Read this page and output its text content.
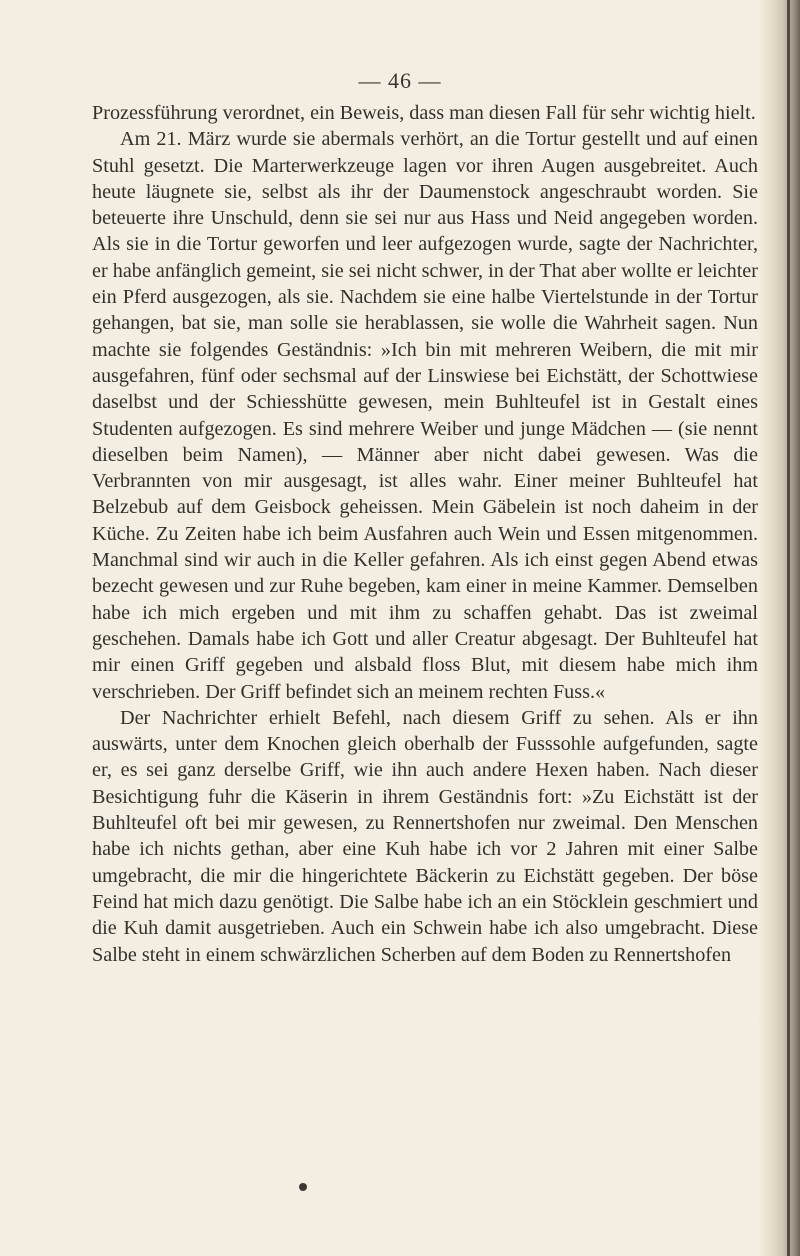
— 46 —

Prozessführung verordnet, ein Beweis, dass man diesen Fall für sehr wichtig hielt.

Am 21. März wurde sie abermals verhört, an die Tortur gestellt und auf einen Stuhl gesetzt. Die Marterwerkzeuge lagen vor ihren Augen ausgebreitet. Auch heute läugnete sie, selbst als ihr der Daumenstock angeschraubt worden. Sie beteuerte ihre Unschuld, denn sie sei nur aus Hass und Neid angegeben worden. Als sie in die Tortur geworfen und leer aufgezogen wurde, sagte der Nachrichter, er habe anfänglich gemeint, sie sei nicht schwer, in der That aber wollte er leichter ein Pferd ausgezogen, als sie. Nachdem sie eine halbe Viertelstunde in der Tortur gehangen, bat sie, man solle sie herablassen, sie wolle die Wahrheit sagen. Nun machte sie folgendes Geständnis: »Ich bin mit mehreren Weibern, die mit mir ausgefahren, fünf oder sechsmal auf der Linswiese bei Eichstätt, der Schottwiese daselbst und der Schiesshütte gewesen, mein Buhlteufel ist in Gestalt eines Studenten aufgezogen. Es sind mehrere Weiber und junge Mädchen — (sie nennt dieselben beim Namen), — Männer aber nicht dabei gewesen. Was die Verbrannten von mir ausgesagt, ist alles wahr. Einer meiner Buhlteufel hat Belzebub auf dem Geisbock geheissen. Mein Gäbelein ist noch daheim in der Küche. Zu Zeiten habe ich beim Ausfahren auch Wein und Essen mitgenommen. Manchmal sind wir auch in die Keller gefahren. Als ich einst gegen Abend etwas bezecht gewesen und zur Ruhe begeben, kam einer in meine Kammer. Demselben habe ich mich ergeben und mit ihm zu schaffen gehabt. Das ist zweimal geschehen. Damals habe ich Gott und aller Creatur abgesagt. Der Buhlteufel hat mir einen Griff gegeben und alsbald floss Blut, mit diesem habe mich ihm verschrieben. Der Griff befindet sich an meinem rechten Fuss.«

Der Nachrichter erhielt Befehl, nach diesem Griff zu sehen. Als er ihn auswärts, unter dem Knochen gleich oberhalb der Fusssohle aufgefunden, sagte er, es sei ganz derselbe Griff, wie ihn auch andere Hexen haben. Nach dieser Besichtigung fuhr die Käserin in ihrem Geständnis fort: »Zu Eichstätt ist der Buhlteufel oft bei mir gewesen, zu Rennertshofen nur zweimal. Den Menschen habe ich nichts gethan, aber eine Kuh habe ich vor 2 Jahren mit einer Salbe umgebracht, die mir die hingerichtete Bäckerin zu Eichstätt gegeben. Der böse Feind hat mich dazu genötigt. Die Salbe habe ich an ein Stöcklein geschmiert und die Kuh damit ausgetrieben. Auch ein Schwein habe ich also umgebracht. Diese Salbe steht in einem schwärzlichen Scherben auf dem Boden zu Rennertshofen
